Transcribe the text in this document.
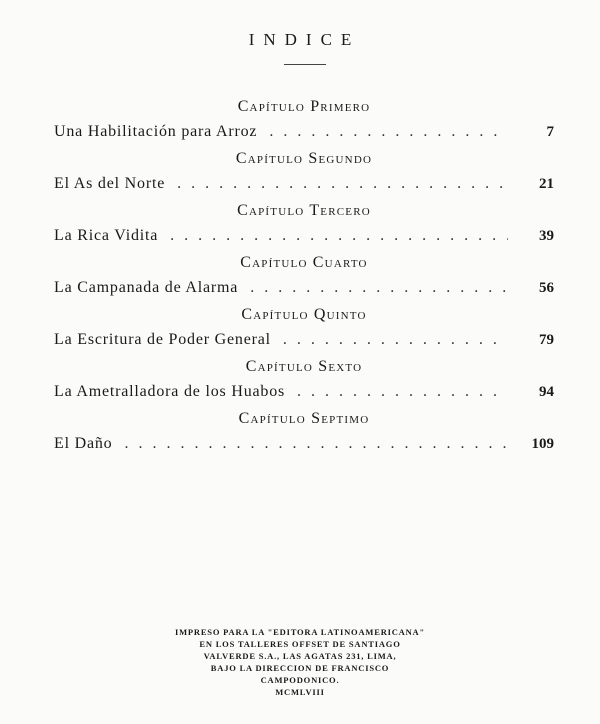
INDICE
Capítulo Primero
Una Habilitación para Arroz . . .	7
Capítulo Segundo
El As del Norte . . .	21
Capítulo Tercero
La Rica Vidita . . .	39
Capítulo Cuarto
La Campanada de Alarma . . .	56
Capítulo Quinto
La Escritura de Poder General . . .	79
Capítulo Sexto
La Ametralladora de los Huabos . . .	94
Capítulo Septimo
El Daño . . .	109
IMPRESO PARA LA "EDITORA LATINOAMERICANA"
EN LOS TALLERES OFFSET DE SANTIAGO
VALVERDE S.A., LAS AGATAS 231, LIMA,
BAJO LA DIRECCION DE FRANCISCO
CAMPODONICO.
MCMLVIII
